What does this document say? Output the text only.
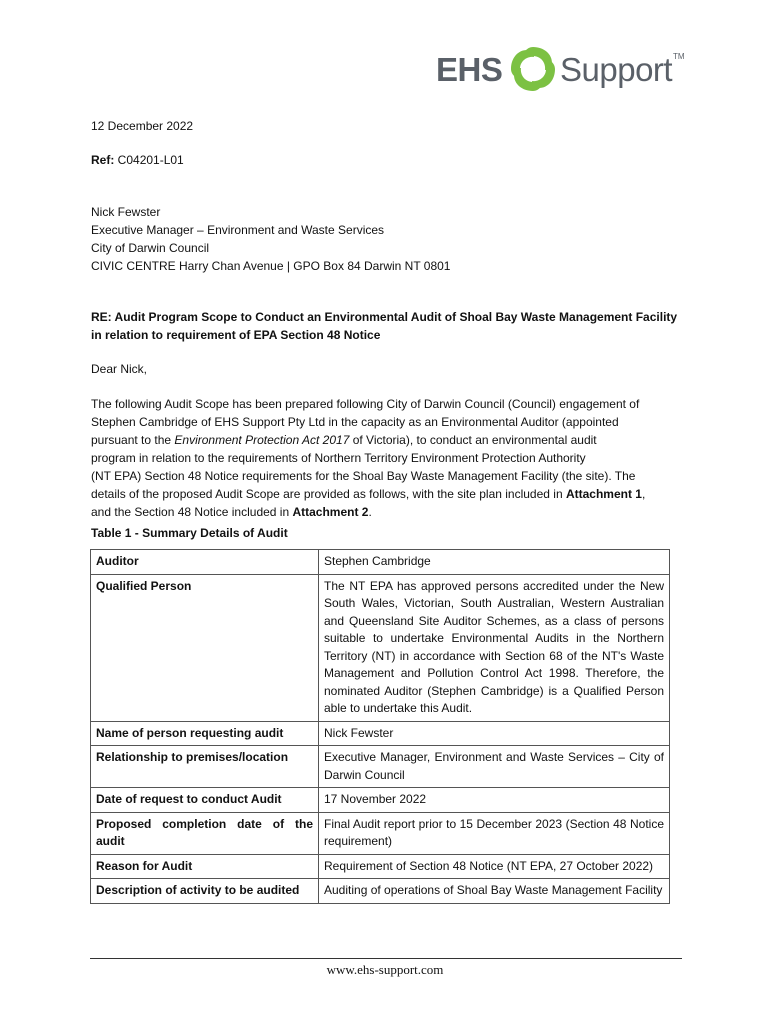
EHS Support TM
12 December 2022
Ref: C04201-L01
Nick Fewster
Executive Manager – Environment and Waste Services
City of Darwin Council
CIVIC CENTRE Harry Chan Avenue | GPO Box 84 Darwin NT 0801
RE: Audit Program Scope to Conduct an Environmental Audit of Shoal Bay Waste Management Facility
in relation to requirement of EPA Section 48 Notice
Dear Nick,
The following Audit Scope has been prepared following City of Darwin Council (Council) engagement of
Stephen Cambridge of EHS Support Pty Ltd in the capacity as an Environmental Auditor (appointed
pursuant to the Environment Protection Act 2017 of Victoria), to conduct an environmental audit
program in relation to the requirements of Northern Territory Environment Protection Authority
(NT EPA) Section 48 Notice requirements for the Shoal Bay Waste Management Facility (the site). The
details of the proposed Audit Scope are provided as follows, with the site plan included in Attachment 1,
and the Section 48 Notice included in Attachment 2.
Table 1 - Summary Details of Audit
Auditor	Stephen Cambridge
Qualified Person	The NT EPA has approved persons accredited under the New South Wales, Victorian, South Australian, Western Australian and Queensland Site Auditor Schemes, as a class of persons suitable to undertake Environmental Audits in the Northern Territory (NT) in accordance with Section 68 of the NT's Waste Management and Pollution Control Act 1998. Therefore, the nominated Auditor (Stephen Cambridge) is a Qualified Person able to undertake this Audit.
Name of person requesting audit	Nick Fewster
Relationship to premises/location	Executive Manager, Environment and Waste Services – City of Darwin Council
Date of request to conduct Audit	17 November 2022
Proposed completion date of the audit	Final Audit report prior to 15 December 2023 (Section 48 Notice requirement)
Reason for Audit	Requirement of Section 48 Notice (NT EPA, 27 October 2022)
Description of activity to be audited	Auditing of operations of Shoal Bay Waste Management Facility
www.ehs-support.com
